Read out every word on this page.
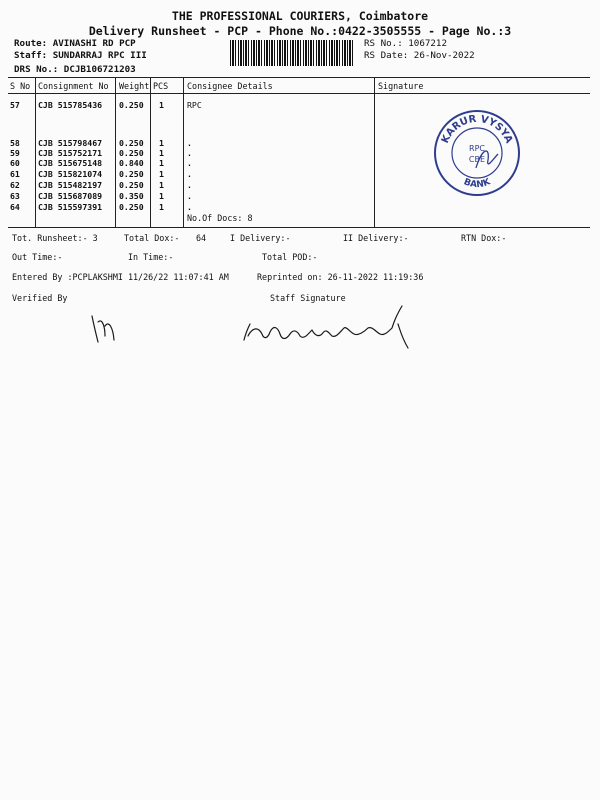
THE PROFESSIONAL COURIERS, Coimbatore
Delivery Runsheet - PCP - Phone No.:0422-3505555 - Page No.:3
Route: AVINASHI RD PCP
Staff: SUNDARRAJ RPC III
DRS No.: DCJB106721203
RS No.: 1067212
RS Date: 26-Nov-2022
S No Consignment No Weight PCS Consignee Details	Signature
57 CJB 515785436 0.250 1	RPC
58 CJB 515798467 0.250 1	.
59 CJB 515752171 0.250 1	.
60 CJB 515675148 0.840 1	.
61 CJB 515821074 0.250 1	.
62 CJB 515482197 0.250 1	.
63 CJB 515687089 0.350 1	.
64 CJB 515597391 0.250 1	.
No.Of Docs: 8
KARUR VYSYA
BANK
RPC
CBE
Tot. Runsheet:- 3	Total Dox:- 64	I Delivery:-	II Delivery:-	RTN Dox:-
Out Time:-	In Time:-	Total POD:-
Entered By :PCPLAKSHMI 11/26/22 11:07:41 AM	Reprinted on: 26-11-2022 11:19:36
Verified By	Staff Signature
